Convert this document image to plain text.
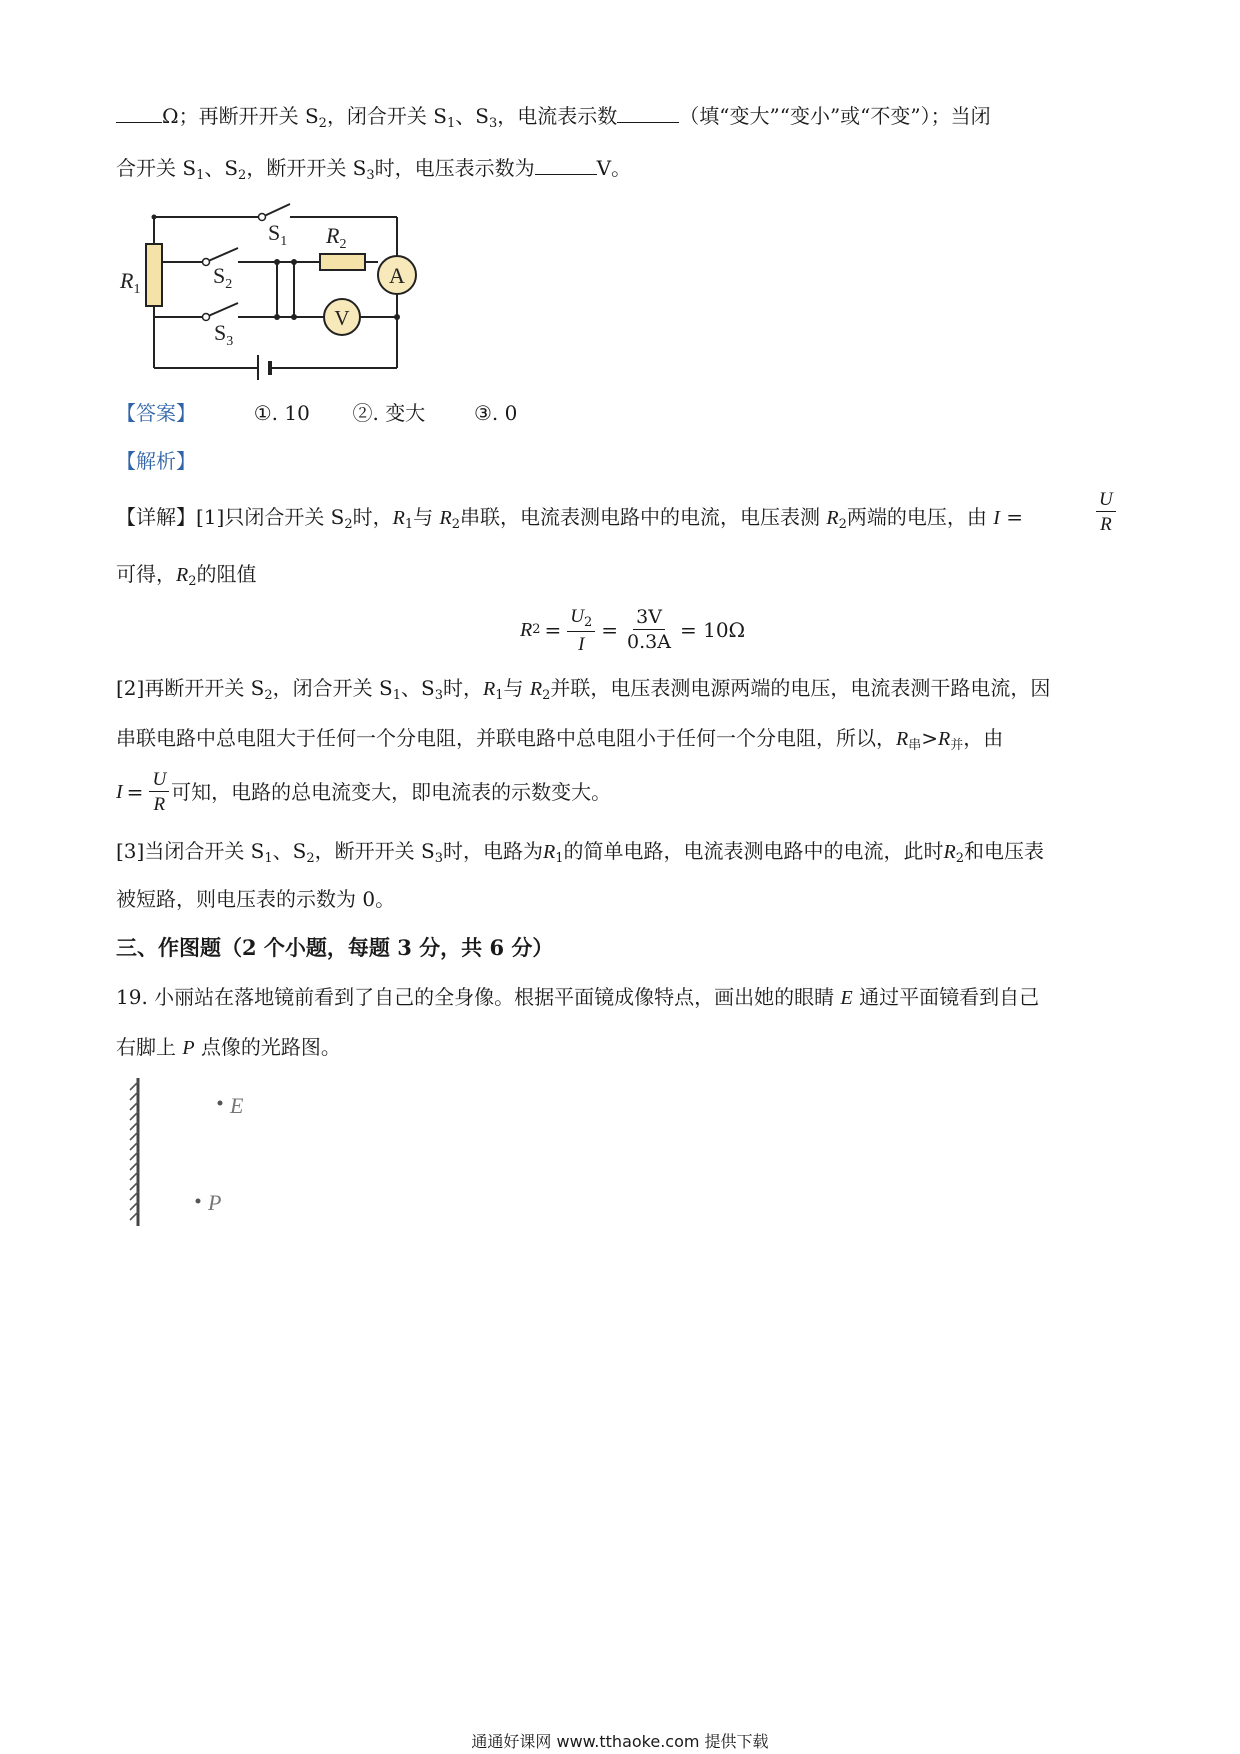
Ω；再断开开关 $S_2$，闭合开关 $S_1$、$S_3$，电流表示数	（填“变大”“变小”或“不变”）；当闭
合开关 $S_1$、$S_2$，断开开关 $S_3$时，电压表示数为	V。
A
V
$S_1$ $R_2$
$S_2$
$R_1$
$S_3$
【答案】	①. 10 ②. 变大 ③. 0
【解析】
【详解】[1]只闭合开关 $S_2$时，$R_1$与 $R_2$串联，电流表测电路中的电流，电压表测 $R_2$两端的电压，由 I =	$\frac{U}{R}$
可得，$R_2$的阻值
R $2 = \frac{U_2}{I} = \frac{3V}{0.3A} = 10\Omega$
[2]再断开开关 $S_2$，闭合开关 $S_1$、$S_3$时，$R_1$与 $R_2$并联，电压表测电源两端的电压，电流表测干路电流，因
串联电路中总电阻大于任何一个分电阻，并联电路中总电阻小于任何一个分电阻，所以，$R_串>R_并$，由
$I = \frac{U}{R}$ 可知，电路的总电流变大，即电流表的示数变大。
[3]当闭合开关 $S_1$、$S_2$，断开开关 $S_3$时，电路为$R_1$的简单电路，电流表测电路中的电流，此时$R_2$和电压表
被短路，则电压表的示数为 0。
三、作图题（2 个小题，每题 3 分，共 6 分）
19. 小丽站在落地镜前看到了自己的全身像。根据平面镜成像特点，画出她的眼睛 E 通过平面镜看到自己
右脚上 P 点像的光路图。
E
P
通通好课网 www.tthaoke.com 提供下载
